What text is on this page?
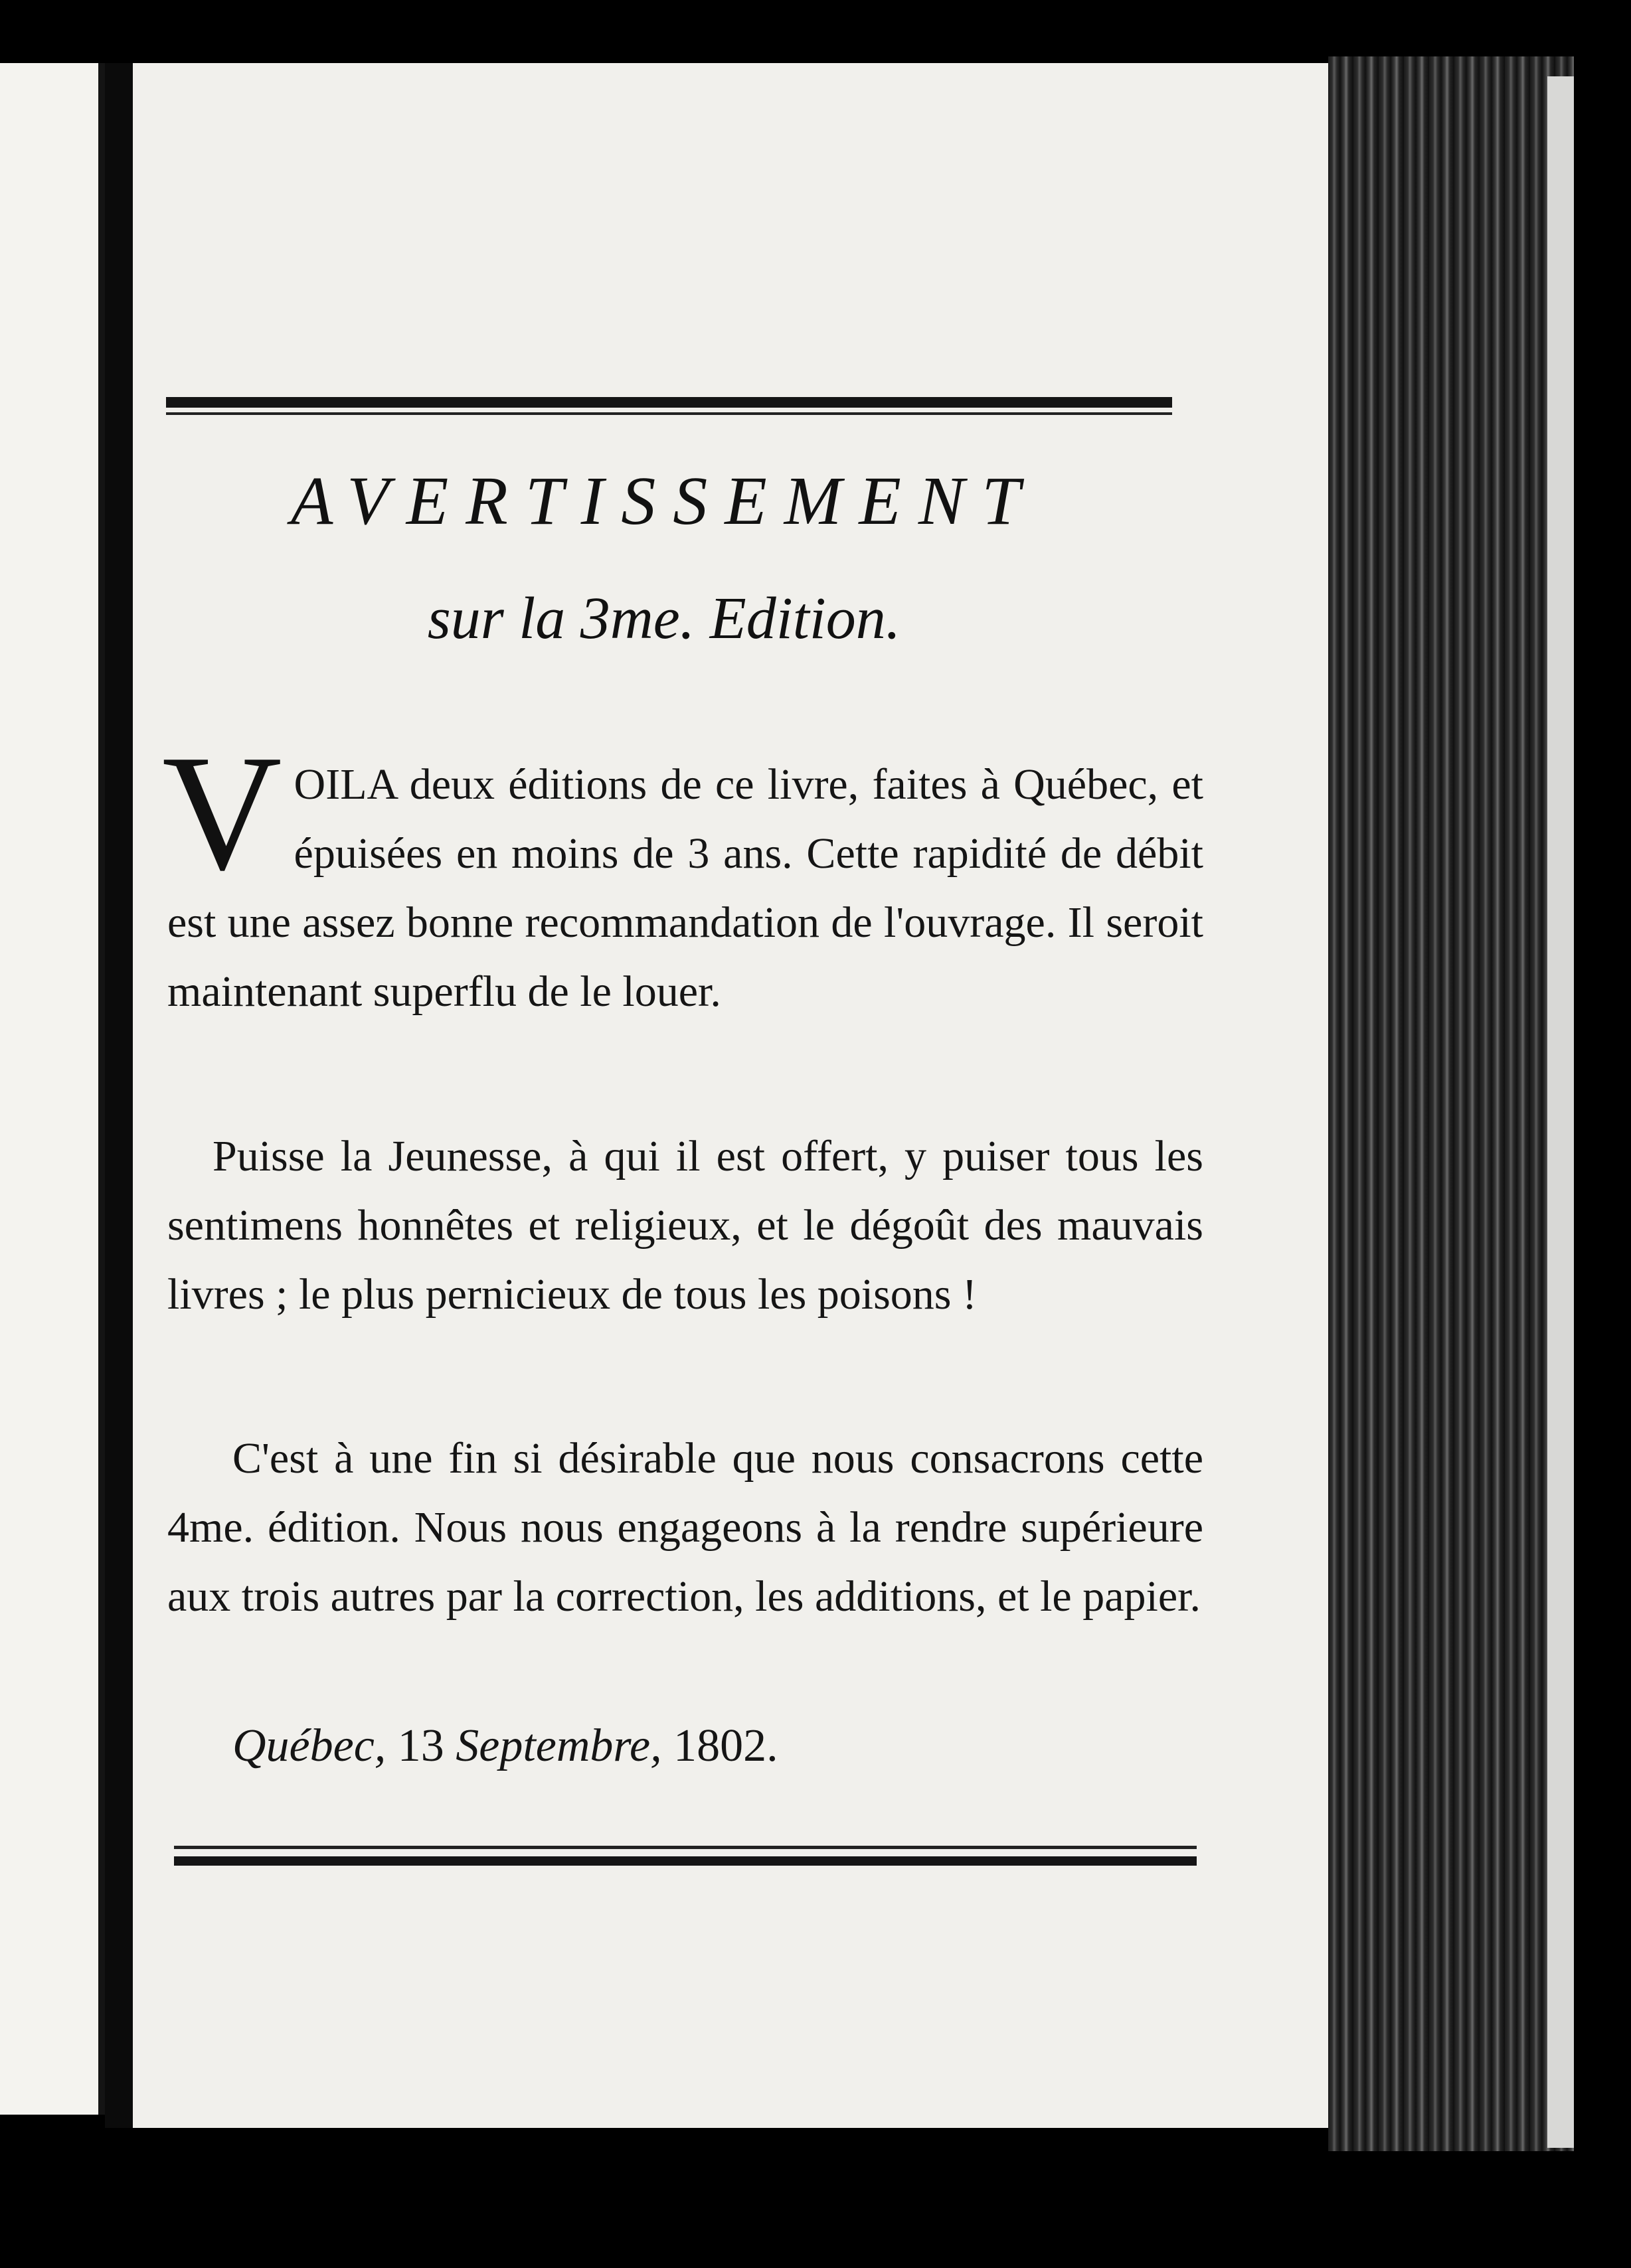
AVERTISSEMENT
sur la 3me. Edition.
V OILA deux éditions de ce livre, faites à Québec, et épuisées en moins de 3 ans. Cette rapidité de débit est une assez bonne recommandation de l'ouvrage. Il seroit maintenant superflu de le louer.
Puisse la Jeunesse, à qui il est offert, y puiser tous les sentimens honnêtes et religieux, et le dégoût des mauvais livres ; le plus pernicieux de tous les poisons !
C'est à une fin si désirable que nous consacrons cette 4me. édition. Nous nous engageons à la rendre supérieure aux trois autres par la correction, les additions, et le papier.
Québec, 13 Septembre, 1802.
